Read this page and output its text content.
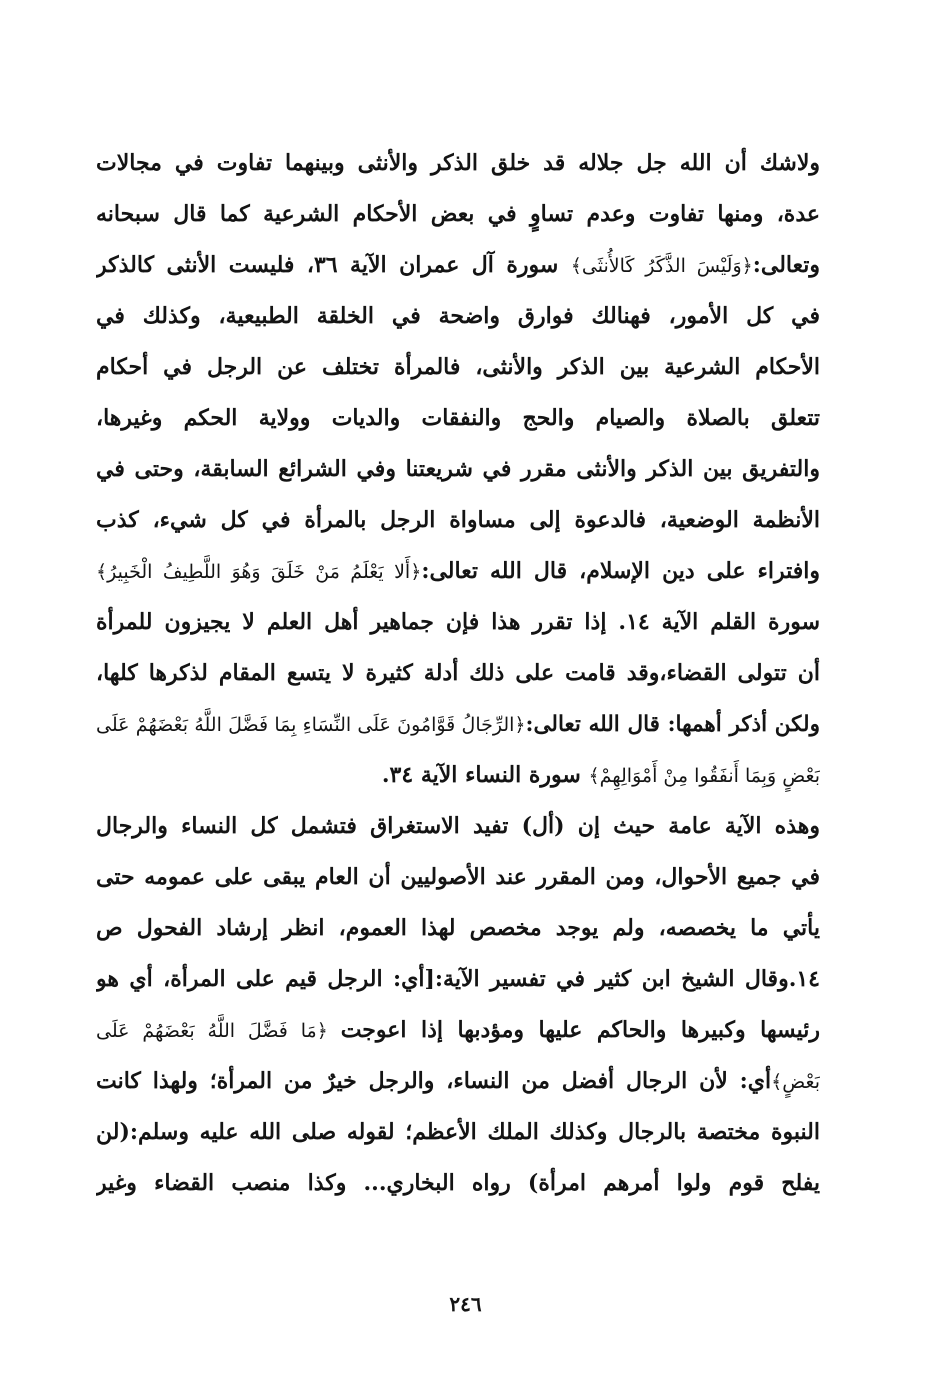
ولاشك أن الله جل جلاله قد خلق الذكر والأنثى وبينهما تفاوت في مجالات
عدة، ومنها تفاوت وعدم تساوٍ في بعض الأحكام الشرعية كما قال سبحانه
وتعالى:﴿وَلَيْسَ الذَّكَرُ كَالأُنثَى﴾ سورة آل عمران الآية ٣٦، فليست الأنثى كالذكر
في كل الأمور، فهنالك فوارق واضحة في الخلقة الطبيعية، وكذلك في
الأحكام الشرعية بين الذكر والأنثى، فالمرأة تختلف عن الرجل في أحكام
تتعلق بالصلاة والصيام والحج والنفقات والديات وولاية الحكم وغيرها،
والتفريق بين الذكر والأنثى مقرر في شريعتنا وفي الشرائع السابقة، وحتى في
الأنظمة الوضعية، فالدعوة إلى مساواة الرجل بالمرأة في كل شيء، كذب
وافتراء على دين الإسلام، قال الله تعالى:﴿أَلا يَعْلَمُ مَنْ خَلَقَ وَهُوَ اللَّطِيفُ الْخَبِيرُ﴾
سورة القلم الآية ١٤. إذا تقرر هذا فإن جماهير أهل العلم لا يجيزون للمرأة
أن تتولى القضاء،وقد قامت على ذلك أدلة كثيرة لا يتسع المقام لذكرها كلها،
ولكن أذكر أهمها: قال الله تعالى:﴿الرِّجَالُ قَوَّامُونَ عَلَى النِّسَاءِ بِمَا فَضَّلَ اللَّهُ بَعْضَهُمْ عَلَى
بَعْضٍ وَبِمَا أَنفَقُوا مِنْ أَمْوَالِهِمْ﴾ سورة النساء الآية ٣٤.
وهذه الآية عامة حيث إن (أل) تفيد الاستغراق فتشمل كل النساء والرجال
في جميع الأحوال، ومن المقرر عند الأصوليين أن العام يبقى على عمومه حتى
يأتي ما يخصصه، ولم يوجد مخصص لهذا العموم، انظر إرشاد الفحول ص
١٤.وقال الشيخ ابن كثير في تفسير الآية:[أي: الرجل قيم على المرأة، أي هو
رئيسها وكبيرها والحاكم عليها ومؤدبها إذا اعوجت ﴿مَا فَضَّلَ اللَّهُ بَعْضَهُمْ عَلَى
بَعْضٍ﴾أي: لأن الرجال أفضل من النساء، والرجل خيرٌ من المرأة؛ ولهذا كانت
النبوة مختصة بالرجال وكذلك الملك الأعظم؛ لقوله صلى الله عليه وسلم:(لن
يفلح قوم ولوا أمرهم امرأة) رواه البخاري... وكذا منصب القضاء وغير
٢٤٦
